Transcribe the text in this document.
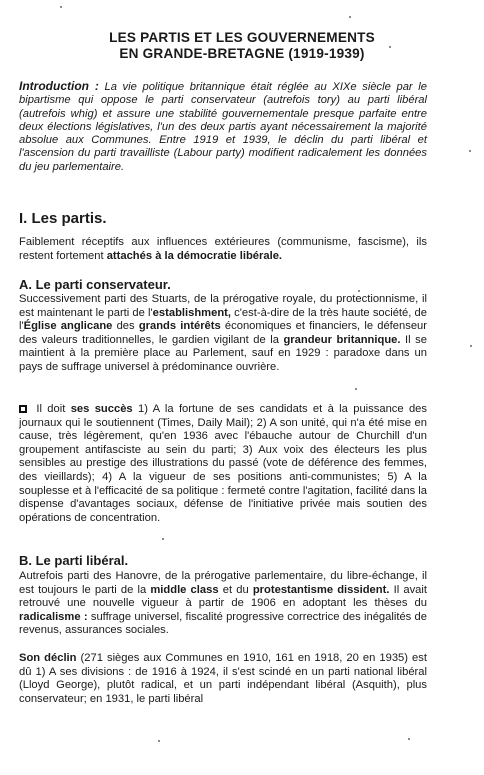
LES PARTIS ET LES GOUVERNEMENTS
EN GRANDE-BRETAGNE (1919-1939)
Introduction : La vie politique britannique était réglée au XIXe siècle par le bipartisme qui oppose le parti conservateur (autrefois tory) au parti libéral (autrefois whig) et assure une stabilité gouvernementale presque parfaite entre deux élections législatives, l'un des deux partis ayant nécessairement la majorité absolue aux Communes. Entre 1919 et 1939, le déclin du parti libéral et l'ascension du parti travailliste (Labour party) modifient radicalement les données du jeu parlementaire.
I. Les partis.
Faiblement réceptifs aux influences extérieures (communisme, fascisme), ils restent fortement attachés à la démocratie libérale.
A. Le parti conservateur.
Successivement parti des Stuarts, de la prérogative royale, du protectionnisme, il est maintenant le parti de l'establishment, c'est-à-dire de la très haute société, de l'Église anglicane des grands intérêts économiques et financiers, le défenseur des valeurs traditionnelles, le gardien vigilant de la grandeur britannique. Il se maintient à la première place au Parlement, sauf en 1929 : paradoxe dans un pays de suffrage universel à prédominance ouvrière.
Il doit ses succès 1) A la fortune de ses candidats et à la puissance des journaux qui le soutiennent (Times, Daily Mail); 2) A son unité, qui n'a été mise en cause, très légèrement, qu'en 1936 avec l'ébauche autour de Churchill d'un groupement antifasciste au sein du parti; 3) Aux voix des électeurs les plus sensibles au prestige des illustrations du passé (vote de déférence des femmes, des vieillards); 4) A la vigueur de ses positions anti-communistes; 5) A la souplesse et à l'efficacité de sa politique : fermeté contre l'agitation, facilité dans la dispense d'avantages sociaux, défense de l'initiative privée mais soutien des opérations de concentration.
B. Le parti libéral.
Autrefois parti des Hanovre, de la prérogative parlementaire, du libre-échange, il est toujours le parti de la middle class et du protestantisme dissident. Il avait retrouvé une nouvelle vigueur à partir de 1906 en adoptant les thèses du radicalisme : suffrage universel, fiscalité progressive correctrice des inégalités de revenus, assurances sociales.
Son déclin (271 sièges aux Communes en 1910, 161 en 1918, 20 en 1935) est dû 1) A ses divisions : de 1916 à 1924, il s'est scindé en un parti national libéral (Lloyd George), plutôt radical, et un parti indépendant libéral (Asquith), plus conservateur; en 1931, le parti libéral
